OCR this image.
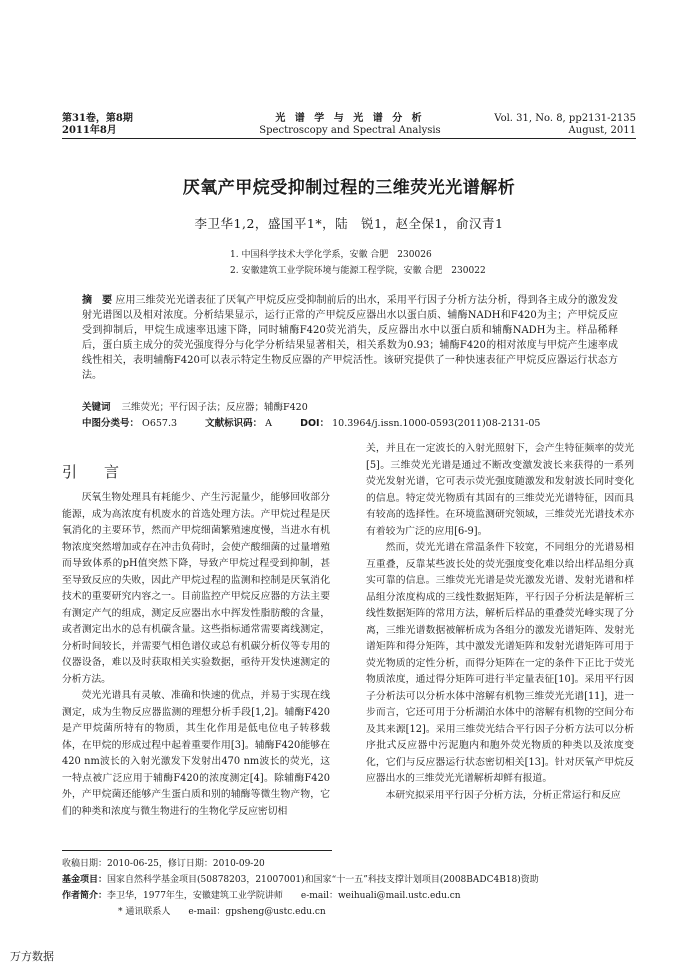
第31卷，第8期
2011年8月
光 谱 学 与 光 谱 分 析
Spectroscopy and Spectral Analysis
Vol. 31, No. 8, pp2131-2135
August, 2011
厌氧产甲烷受抑制过程的三维荧光光谱解析
李卫华1,2，盛国平1*，陆　锐1，赵全保1，俞汉青1
1. 中国科学技术大学化学系，安徽 合肥　230026
2. 安徽建筑工业学院环境与能源工程学院，安徽 合肥　230022
摘　要 应用三维荧光光谱表征了厌氧产甲烷反应受抑制前后的出水，采用平行因子分析方法分析，得到各主成分的激发发射光谱图以及相对浓度。分析结果显示，运行正常的产甲烷反应器出水以蛋白质、辅酶NADH和F420为主；产甲烷反应受到抑制后，甲烷生成速率迅速下降，同时辅酶F420荧光消失，反应器出水中以蛋白质和辅酶NADH为主。样品稀释后，蛋白质主成分的荧光强度得分与化学分析结果显著相关，相关系数为0.93；辅酶F420的相对浓度与甲烷产生速率成线性相关，表明辅酶F420可以表示特定生物反应器的产甲烷活性。该研究提供了一种快速表征产甲烷反应器运行状态方法。
关键词 三维荧光；平行因子法；反应器；辅酶F420
中图分类号： O657.3	文献标识码： A	DOI： 10.3964/j.issn.1000-0593(2011)08-2131-05
引　言

厌氧生物处理具有耗能少、产生污泥量少，能够回收部分能源，成为高浓度有机废水的首选处理方法。产甲烷过程是厌氧消化的主要环节，然而产甲烷细菌繁殖速度慢，当进水有机物浓度突然增加或存在冲击负荷时，会使产酸细菌的过量增殖而导致体系的pH值突然下降，导致产甲烷过程受到抑制，甚至导致反应的失败，因此产甲烷过程的监测和控制是厌氧消化技术的重要研究内容之一。目前监控产甲烷反应器的方法主要有测定产气的组成，测定反应器出水中挥发性脂肪酸的含量，或者测定出水的总有机碳含量。这些指标通常需要离线测定，分析时间较长，并需要气相色谱仪或总有机碳分析仪等专用的仪器设备，难以及时获取相关实验数据，亟待开发快速测定的分析方法。

荧光光谱具有灵敏、准确和快速的优点，并易于实现在线测定，成为生物反应器监测的理想分析手段[1,2]。辅酶F420是产甲烷菌所特有的物质，其生化作用是低电位电子转移载体，在甲烷的形成过程中起着重要作用[3]。辅酶F420能够在420 nm波长的入射光激发下发射出470 nm波长的荧光，这一特点被广泛应用于辅酶F420的浓度测定[4]。除辅酶F420外，产甲烷菌还能够产生蛋白质和别的辅酶等微生物产物，它们的种类和浓度与微生物进行的生物化学反应密切相

关，并且在一定波长的入射光照射下，会产生特征频率的荧光[5]。三维荧光光谱是通过不断改变激发波长来获得的一系列荧光发射光谱，它可表示荧光强度随激发和发射波长同时变化的信息。特定荧光物质有其固有的三维荧光光谱特征，因而具有较高的选择性。在环境监测研究领域，三维荧光光谱技术亦有着较为广泛的应用[6-9]。

然而，荧光光谱在常温条件下较宽，不同组分的光谱易相互重叠，反靠某些波长处的荧光强度变化难以给出样品组分真实可靠的信息。三维荧光光谱是荧光激发光谱、发射光谱和样品组分浓度构成的三线性数据矩阵，平行因子分析法是解析三线性数据矩阵的常用方法，解析后样品的重叠荧光峰实现了分离，三维光谱数据被解析成为各组分的激发光谱矩阵、发射光谱矩阵和得分矩阵，其中激发光谱矩阵和发射光谱矩阵可用于荧光物质的定性分析，而得分矩阵在一定的条件下正比于荧光物质浓度，通过得分矩阵可进行半定量表征[10]。采用平行因子分析法可以分析水体中溶解有机物三维荧光光谱[11]，进一步而言，它还可用于分析湖泊水体中的溶解有机物的空间分布及其来源[12]。采用三维荧光结合平行因子分析方法可以分析序批式反应器中污泥胞内和胞外荧光物质的种类以及浓度变化，它们与反应器运行状态密切相关[13]。针对厌氧产甲烷反应器出水的三维荧光光谱解析却鲜有报道。

本研究拟采用平行因子分析方法，分析正常运行和反应

收稿日期：2010-06-25，修订日期：2010-09-20
基金项目：国家自然科学基金项目(50878203，21007001)和国家“十一五”科技支撑计划项目(2008BADC4B18)资助
作者简介：李卫华，1977年生，安徽建筑工业学院讲师　　e-mail：weihuali@mail.ustc.edu.cn
* 通讯联系人　　e-mail：gpsheng@ustc.edu.cn
万方数据
